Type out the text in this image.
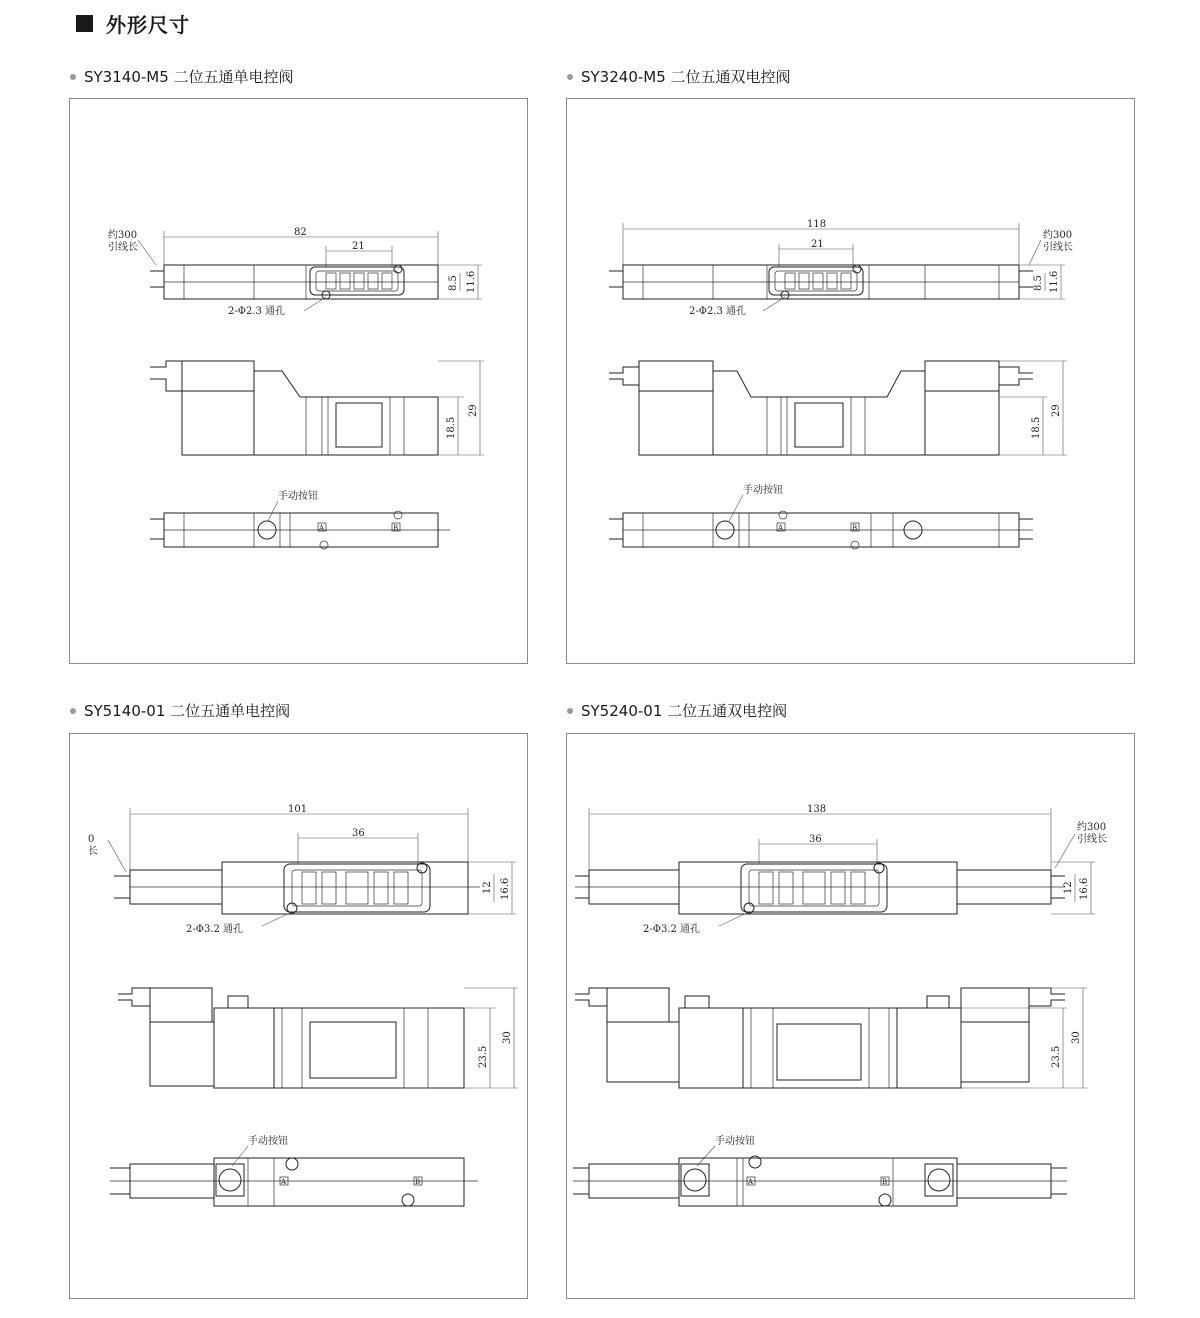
外形尺寸
SY3140-M5 二位五通单电控阀
约300
引线长
82
21
2-Φ2.3 通孔
8.5 11.6
18.5
29
手动按钮
A	B
SY3240-M5 二位五通双电控阀
约300
引线长
118
21
2-Φ2.3 通孔
8.5 11.6
18.5
29
手动按钮
A	B
SY5140-01 二位五通单电控阀
0
长
101
36
2-Φ3.2 通孔
12 16.6
23.5
30
手动按钮
A	B
SY5240-01 二位五通双电控阀
约300
引线长
138
36
2-Φ3.2 通孔
12 16.6
23.5
30
手动按钮
A	B
